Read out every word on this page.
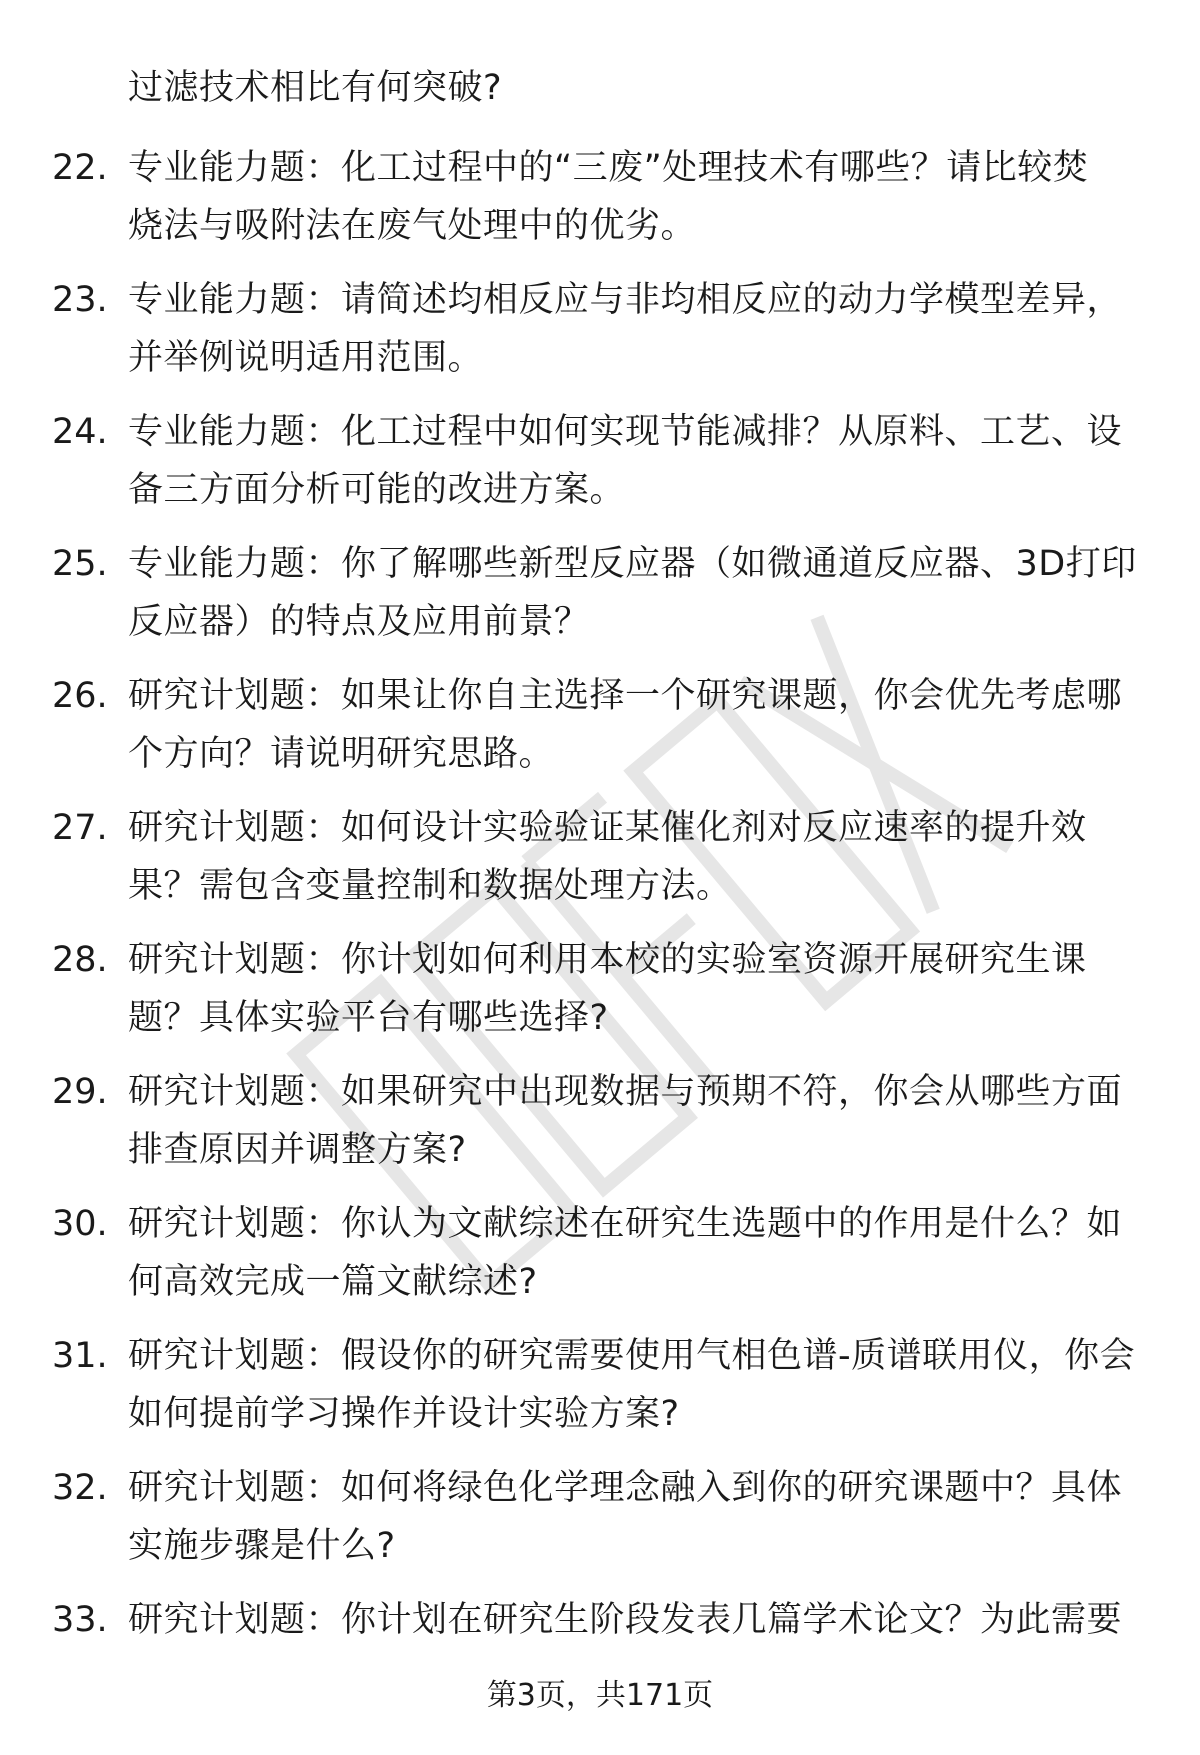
过滤技术相比有何突破?
22. 专业能力题：化工过程中的“三废”处理技术有哪些？请比较焚
烧法与吸附法在废气处理中的优劣。
23. 专业能力题：请简述均相反应与非均相反应的动力学模型差异，
并举例说明适用范围。
24. 专业能力题：化工过程中如何实现节能减排？从原料、工艺、设
备三方面分析可能的改进方案。
25. 专业能力题：你了解哪些新型反应器（如微通道反应器、3D打印
反应器）的特点及应用前景？
26. 研究计划题：如果让你自主选择一个研究课题，你会优先考虑哪
个方向？请说明研究思路。
27. 研究计划题：如何设计实验验证某催化剂对反应速率的提升效
果？需包含变量控制和数据处理方法。
28. 研究计划题：你计划如何利用本校的实验室资源开展研究生课
题？具体实验平台有哪些选择?
29. 研究计划题：如果研究中出现数据与预期不符，你会从哪些方面
排查原因并调整方案?
30. 研究计划题：你认为文献综述在研究生选题中的作用是什么？如
何高效完成一篇文献综述?
31. 研究计划题：假设你的研究需要使用气相色谱-质谱联用仪，你会
如何提前学习操作并设计实验方案?
32. 研究计划题：如何将绿色化学理念融入到你的研究课题中？具体
实施步骤是什么?
33. 研究计划题：你计划在研究生阶段发表几篇学术论文？为此需要
第3页，共171页
